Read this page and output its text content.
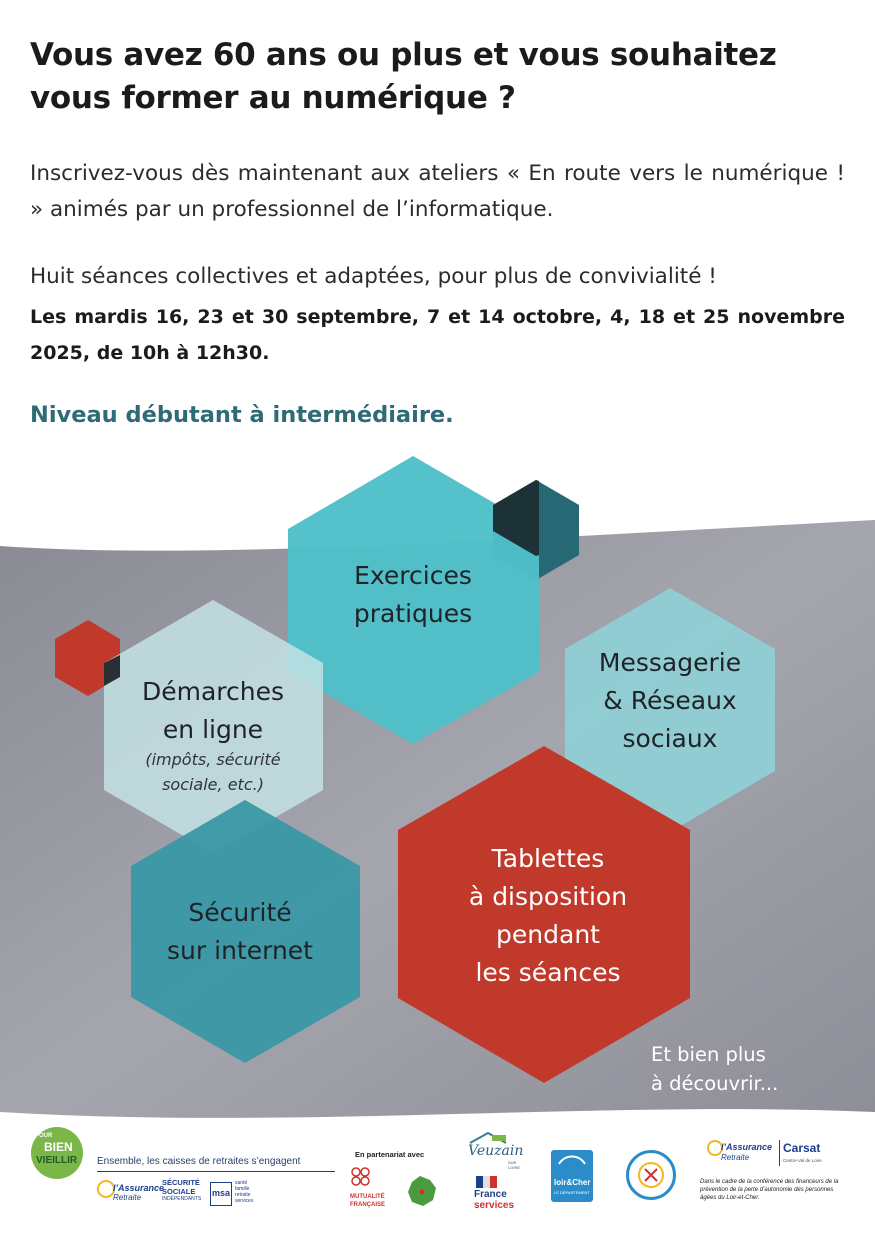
Vous avez 60 ans ou plus et vous souhaitez vous former au numérique ?

Inscrivez-vous dès maintenant aux ateliers « En route vers le numérique ! » animés par un professionnel de l’informatique.

Huit séances collectives et adaptées, pour plus de convivialité !

Les mardis 16, 23 et 30 septembre, 7 et 14 octobre, 4, 18 et 25 novembre 2025, de 10h à 12h30.

Niveau débutant à intermédiaire.

Exercices
pratiques
Démarches
en ligne
(impôts, sécurité
sociale, etc.)
Messagerie
& Réseaux
sociaux
Sécurité
sur internet
Tablettes
à disposition
pendant
les séances
Et bien plus
à découvrir...
POUR
BIEN
VIEILLIR Ensemble, les caisses de retraites s’engagent
l’Assurance
Retraite
SÉCURITÉ
SOCIALE
INDÉPENDANTS
msa
santé
famille
retraite
services
En partenariat avec
MUTUALITÉ
FRANÇAISE
Veuzain
SUR LOIRE
France
services
loir&Cher
LE DÉPARTEMENT
l’Assurance
Retraite
Carsat
Centre-Val de Loire
Dans le cadre de la conférence des financeurs de la prévention de la perte d’autonomie des personnes âgées du Loir-et-Cher.
